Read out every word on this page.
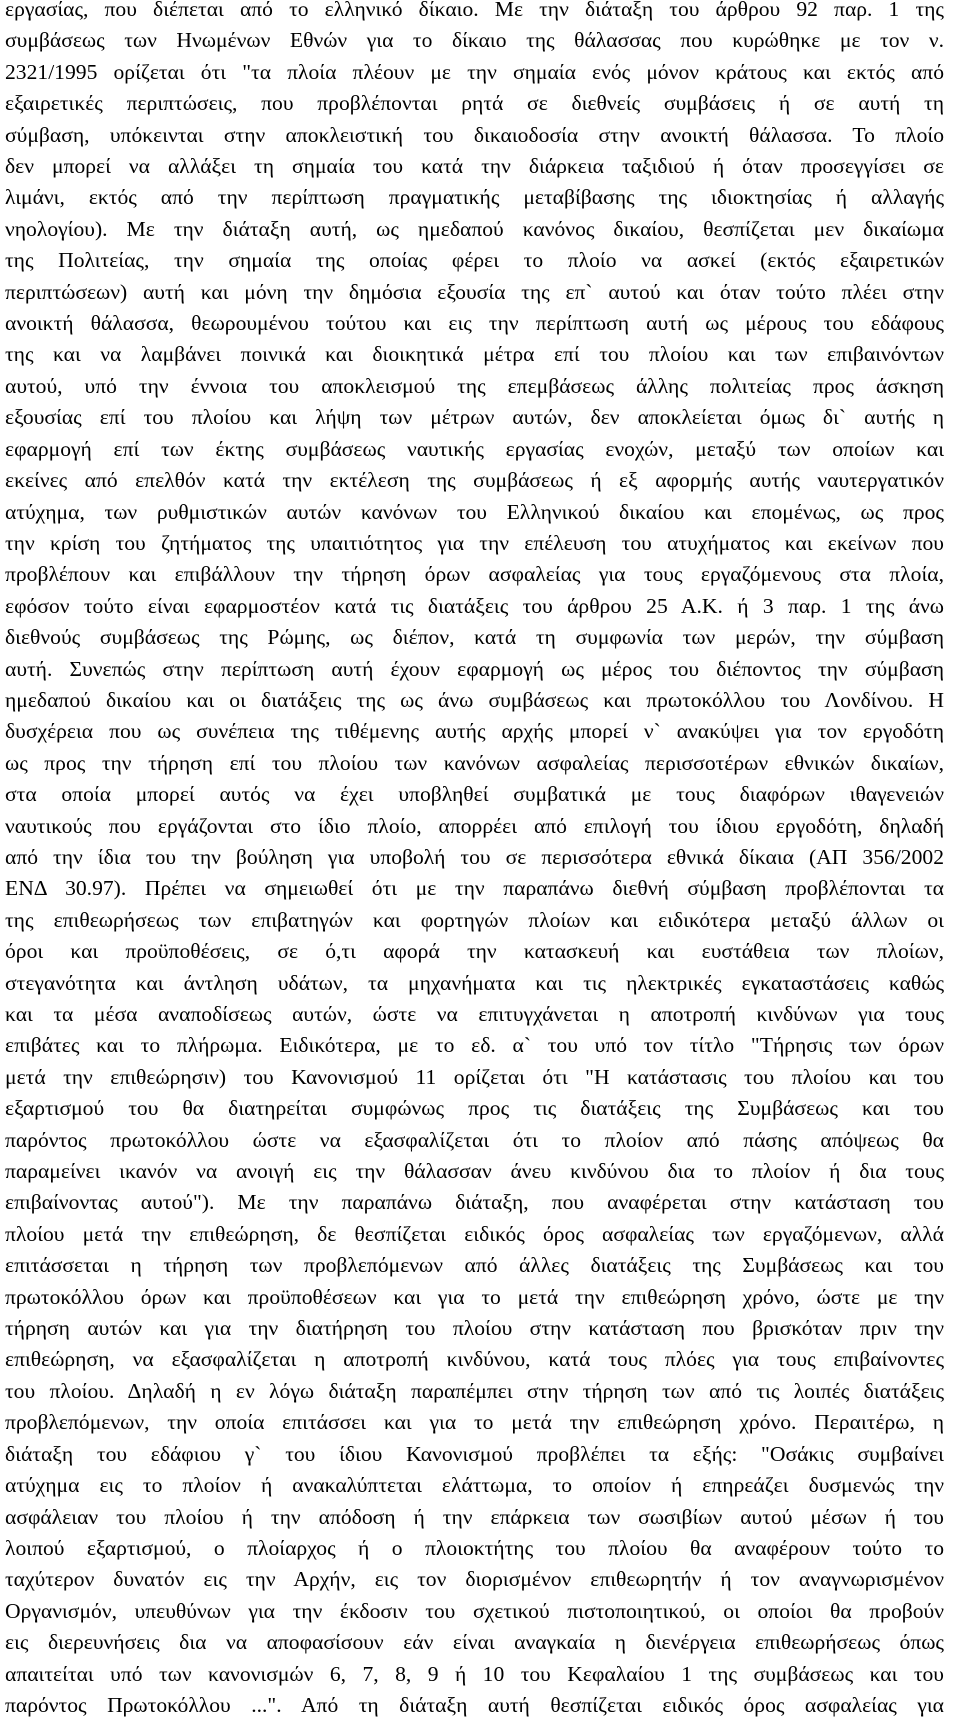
εργασίας, που διέπεται από το ελληνικό δίκαιο. Με την διάταξη του άρθρου 92 παρ. 1 της
συμβάσεως των Ηνωμένων Εθνών για το δίκαιο της θάλασσας που κυρώθηκε με τον ν.
2321/1995 ορίζεται ότι "τα πλοία πλέουν με την σημαία ενός μόνον κράτους και εκτός από
εξαιρετικές περιπτώσεις, που προβλέπονται ρητά σε διεθνείς συμβάσεις ή σε αυτή τη
σύμβαση, υπόκεινται στην αποκλειστική του δικαιοδοσία στην ανοικτή θάλασσα. Το πλοίο
δεν μπορεί να αλλάξει τη σημαία του κατά την διάρκεια ταξιδιού ή όταν προσεγγίσει σε
λιμάνι, εκτός από την περίπτωση πραγματικής μεταβίβασης της ιδιοκτησίας ή αλλαγής
νηολογίου). Με την διάταξη αυτή, ως ημεδαπού κανόνος δικαίου, θεσπίζεται μεν δικαίωμα
της Πολιτείας, την σημαία της οποίας φέρει το πλοίο να ασκεί (εκτός εξαιρετικών
περιπτώσεων) αυτή και μόνη την δημόσια εξουσία της επ` αυτού και όταν τούτο πλέει στην
ανοικτή θάλασσα, θεωρουμένου τούτου και εις την περίπτωση αυτή ως μέρους του εδάφους
της και να λαμβάνει ποινικά και διοικητικά μέτρα επί του πλοίου και των επιβαινόντων
αυτού, υπό την έννοια του αποκλεισμού της επεμβάσεως άλλης πολιτείας προς άσκηση
εξουσίας επί του πλοίου και λήψη των μέτρων αυτών, δεν αποκλείεται όμως δι` αυτής η
εφαρμογή επί των έκτης συμβάσεως ναυτικής εργασίας ενοχών, μεταξύ των οποίων και
εκείνες από επελθόν κατά την εκτέλεση της συμβάσεως ή εξ αφορμής αυτής ναυτεργατικόν
ατύχημα, των ρυθμιστικών αυτών κανόνων του Ελληνικού δικαίου και επομένως, ως προς
την κρίση του ζητήματος της υπαιτιότητος για την επέλευση του ατυχήματος και εκείνων που
προβλέπουν και επιβάλλουν την τήρηση όρων ασφαλείας για τους εργαζόμενους στα πλοία,
εφόσον τούτο είναι εφαρμοστέον κατά τις διατάξεις του άρθρου 25 Α.Κ. ή 3 παρ. 1 της άνω
διεθνούς συμβάσεως της Ρώμης, ως διέπον, κατά τη συμφωνία των μερών, την σύμβαση
αυτή. Συνεπώς στην περίπτωση αυτή έχουν εφαρμογή ως μέρος του διέποντος την σύμβαση
ημεδαπού δικαίου και οι διατάξεις της ως άνω συμβάσεως και πρωτοκόλλου του Λονδίνου. Η
δυσχέρεια που ως συνέπεια της τιθέμενης αυτής αρχής μπορεί ν` ανακύψει για τον εργοδότη
ως προς την τήρηση επί του πλοίου των κανόνων ασφαλείας περισσοτέρων εθνικών δικαίων,
στα οποία μπορεί αυτός να έχει υποβληθεί συμβατικά με τους διαφόρων ιθαγενειών
ναυτικούς που εργάζονται στο ίδιο πλοίο, απορρέει από επιλογή του ίδιου εργοδότη, δηλαδή
από την ίδια του την βούληση για υποβολή του σε περισσότερα εθνικά δίκαια (ΑΠ 356/2002
ΕΝΔ 30.97). Πρέπει να σημειωθεί ότι με την παραπάνω διεθνή σύμβαση προβλέπονται τα
της επιθεωρήσεως των επιβατηγών και φορτηγών πλοίων και ειδικότερα μεταξύ άλλων οι
όροι και προϋποθέσεις, σε ό,τι αφορά την κατασκευή και ευστάθεια των πλοίων,
στεγανότητα και άντληση υδάτων, τα μηχανήματα και τις ηλεκτρικές εγκαταστάσεις καθώς
και τα μέσα αναποδίσεως αυτών, ώστε να επιτυγχάνεται η αποτροπή κινδύνων για τους
επιβάτες και το πλήρωμα. Ειδικότερα, με το εδ. α` του υπό τον τίτλο "Τήρησις των όρων
μετά την επιθεώρησιν) του Κανονισμού 11 ορίζεται ότι "Η κατάστασις του πλοίου και του
εξαρτισμού του θα διατηρείται συμφώνως προς τις διατάξεις της Συμβάσεως και του
παρόντος πρωτοκόλλου ώστε να εξασφαλίζεται ότι το πλοίον από πάσης απόψεως θα
παραμείνει ικανόν να ανοιγή εις την θάλασσαν άνευ κινδύνου δια το πλοίον ή δια τους
επιβαίνοντας αυτού"). Με την παραπάνω διάταξη, που αναφέρεται στην κατάσταση του
πλοίου μετά την επιθεώρηση, δε θεσπίζεται ειδικός όρος ασφαλείας των εργαζόμενων, αλλά
επιτάσσεται η τήρηση των προβλεπόμενων από άλλες διατάξεις της Συμβάσεως και του
πρωτοκόλλου όρων και προϋποθέσεων και για το μετά την επιθεώρηση χρόνο, ώστε με την
τήρηση αυτών και για την διατήρηση του πλοίου στην κατάσταση που βρισκόταν πριν την
επιθεώρηση, να εξασφαλίζεται η αποτροπή κινδύνου, κατά τους πλόες για τους επιβαίνοντες
του πλοίου. Δηλαδή η εν λόγω διάταξη παραπέμπει στην τήρηση των από τις λοιπές διατάξεις
προβλεπόμενων, την οποία επιτάσσει και για το μετά την επιθεώρηση χρόνο. Περαιτέρω, η
διάταξη του εδάφιου γ` του ίδιου Κανονισμού προβλέπει τα εξής: "Οσάκις συμβαίνει
ατύχημα εις το πλοίον ή ανακαλύπτεται ελάττωμα, το οποίον ή επηρεάζει δυσμενώς την
ασφάλειαν του πλοίου ή την απόδοση ή την επάρκεια των σωσιβίων αυτού μέσων ή του
λοιπού εξαρτισμού, ο πλοίαρχος ή ο πλοιοκτήτης του πλοίου θα αναφέρουν τούτο το
ταχύτερον δυνατόν εις την Αρχήν, εις τον διορισμένον επιθεωρητήν ή τον αναγνωρισμένον
Οργανισμόν, υπευθύνων για την έκδοσιν του σχετικού πιστοποιητικού, οι οποίοι θα προβούν
εις διερευνήσεις δια να αποφασίσουν εάν είναι αναγκαία η διενέργεια επιθεωρήσεως όπως
απαιτείται υπό των κανονισμών 6, 7, 8, 9 ή 10 του Κεφαλαίου 1 της συμβάσεως και του
παρόντος Πρωτοκόλλου ...". Από τη διάταξη αυτή θεσπίζεται ειδικός όρος ασφαλείας για
